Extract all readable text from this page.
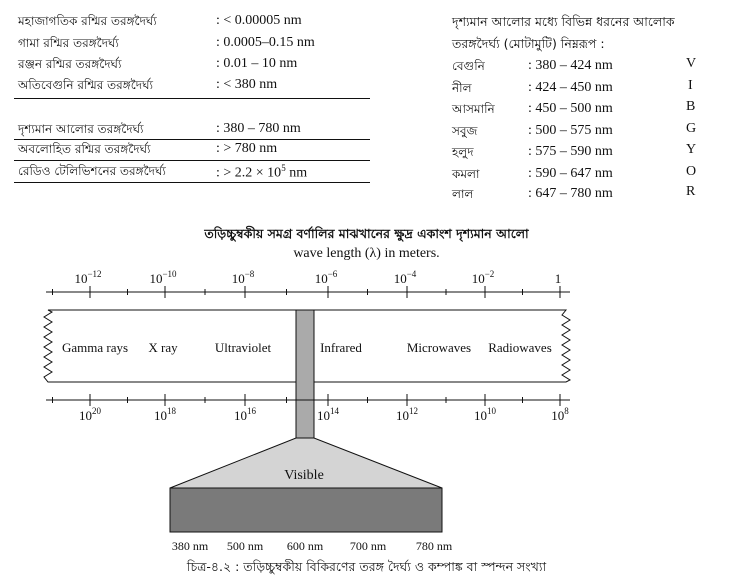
মহাজাগতিক রশ্মির তরঙ্গদৈর্ঘ্য	: < 0.00005 nm
গামা রশ্মির তরঙ্গদৈর্ঘ্য	: 0.0005–0.15 nm
রঞ্জন রশ্মির তরঙ্গদৈর্ঘ্য	: 0.01 – 10 nm
অতিবেগুনি রশ্মির তরঙ্গদৈর্ঘ্য	: < 380 nm
দৃশ্যমান আলোর তরঙ্গদৈর্ঘ্য	: 380 – 780 nm
অবলোহিত রশ্মির তরঙ্গদৈর্ঘ্য	: > 780 nm
রেডিও টেলিভিশনের তরঙ্গদৈর্ঘ্য	: > $2.2 \times 10^5$ nm
দৃশ্যমান আলোর মধ্যে বিভিন্ন ধরনের আলোক
তরঙ্গদৈর্ঘ্য (মোটামুটি) নিম্নরূপ :
বেগুনি	: 380 – 424 nm	V
নীল	: 424 – 450 nm	I
আসমানি : 450 – 500 nm	B
সবুজ	: 500 – 575 nm	G
হলুদ	: 575 – 590 nm	Y
কমলা	: 590 – 647 nm	O
লাল	: 647 – 780 nm	R
তড়িচ্চুম্বকীয় সমগ্র বর্ণালির মাঝখানের ক্ষুদ্র একাংশ দৃশ্যমান আলো
wave length (λ) in meters.
$10^{-12}$	$10^{-10}$	$10^{-8}$	$10^{-6}$	$10^{-4}$	$10^{-2}$	1
Gamma rays X ray	Ultraviolet	Infrared	Microwaves Radiowaves
$10^{20}$	$10^{18}$	$10^{16}$	$10^{14}$	$10^{12}$	$10^{10}$	$10^8$
Visible
380 nm 500 nm 600 nm 700 nm 780 nm
চিত্র-৪.২ : তড়িচ্চুম্বকীয় বিকিরণের তরঙ্গ দৈর্ঘ্য ও কম্পাঙ্ক বা স্পন্দন সংখ্যা
